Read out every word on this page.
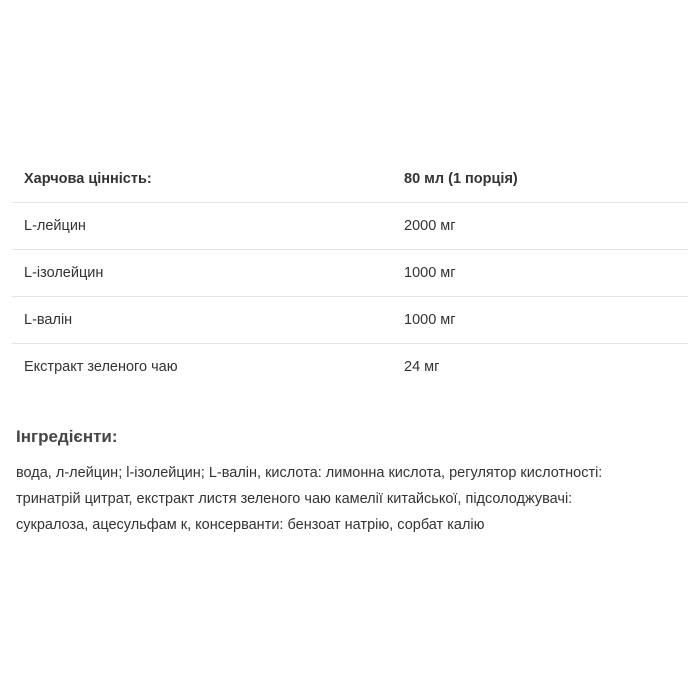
Харчова цінність:	80 мл (1 порція)
L-лейцин	2000 мг
L-ізолейцин	1000 мг
L-валін	1000 мг
Екстракт зеленого чаю	24 мг
Інгредієнти:

вода, л-лейцин; l-ізолейцин; L-валін, кислота: лимонна кислота, регулятор кислотності:
тринатрій цитрат, екстракт листя зеленого чаю камелії китайської, підсолоджувачі:
сукралоза, ацесульфам к, консерванти: бензоат натрію, сорбат калію
